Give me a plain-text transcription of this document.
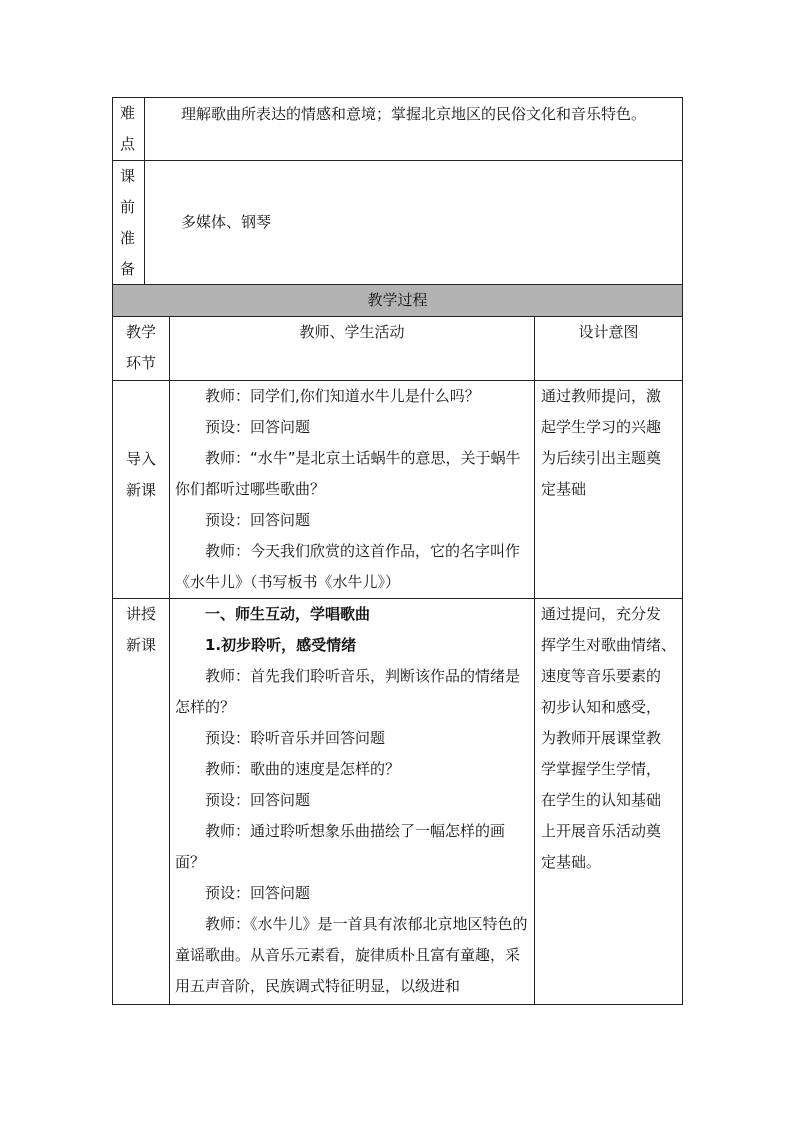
难
点
理解歌曲所表达的情感和意境；掌握北京地区的民俗文化和音乐特色。
课
前
准
备
多媒体、钢琴
教学过程
教学
环节
教师、学生活动	设计意图
导入
新课
教师：同学们,你们知道水牛儿是什么吗？
预设：回答问题
教师：“水牛”是北京土话蜗牛的意思，关于蜗牛你们都听过哪些歌曲？
预设：回答问题
教师：今天我们欣赏的这首作品，它的名字叫作《水牛儿》（书写板书《水牛儿》）
通过教师提问，激
起学生学习的兴趣
为后续引出主题奠
定基础
讲授
新课
一、师生互动，学唱歌曲
1.初步聆听，感受情绪
教师：首先我们聆听音乐，判断该作品的情绪是怎样的？
预设：聆听音乐并回答问题
教师：歌曲的速度是怎样的？
预设：回答问题
教师：通过聆听想象乐曲描绘了一幅怎样的画面？
预设：回答问题
教师：《水牛儿》是一首具有浓郁北京地区特色的童谣歌曲。从音乐元素看，旋律质朴且富有童趣，采用五声音阶，民族调式特征明显，以级进和
通过提问，充分发
挥学生对歌曲情绪、
速度等音乐要素的
初步认知和感受，
为教师开展课堂教
学掌握学生学情，
在学生的认知基础
上开展音乐活动奠
定基础。
